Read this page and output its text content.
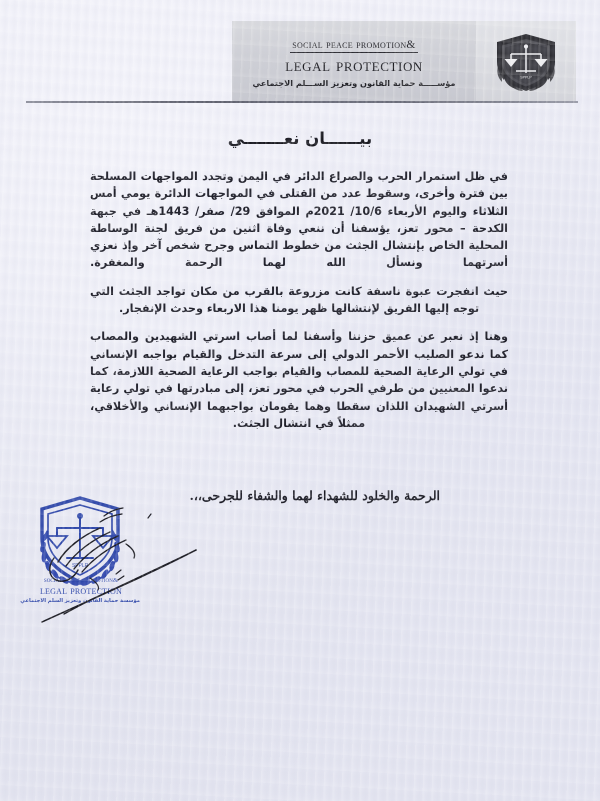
social peace promotion&
legal protection
مؤســـــة حماية القانون وتعزيز الســـلم الاجتماعي	SPPLP
بيــــــان نعـــــــي

في ظل استمرار الحرب والصراع الدائر في اليمن وتجدد المواجهات المسلحة بين فترة وأخرى، وسقوط عدد من القتلى في المواجهات الدائرة يومي أمس الثلاثاء واليوم الأربعاء 10/6/ 2021م الموافق 29/ صفر/ 1443هـ في جبهة الكدحة – محور تعز، يؤسفنا أن ننعي وفاة اثنين من فريق لجنة الوساطة المحلية الخاص بإنتشال الجثث من خطوط التماس وجرح شخص آخر وإذ نعزي أسرتهما ونسأل الله لهما الرحمة والمغفرة.

حيث انفجرت عبوة ناسفة كانت مزروعة بالقرب من مكان تواجد الجثث التي توجه إليها الفريق لإنتشالها ظهر يومنا هذا الاربعاء وحدث الإنفجار.

وهنا إذ نعبر عن عميق حزننا وأسفنا لما أصاب اسرتي الشهيدين والمصاب كما ندعو الصليب الأحمر الدولي إلى سرعة التدخل والقيام بواجبه الإنساني في تولي الرعاية الصحية للمصاب والقيام بواجب الرعاية الصحية اللازمة، كما ندعوا المعنيين من طرفي الحرب في محور تعز، إلى مبادرتها في تولي رعاية أسرتي الشهيدان اللذان سقطا وهما يقومان بواجبهما الإنساني والأخلاقي، ممثلاً في انتشال الجثث.

الرحمة والخلود للشهداء لهما والشفاء للجرحى،،.
SPPLP
social peace promotion&
legal protection
مؤسسة حماية القانون وتعزيز السلم الاجتماعي
